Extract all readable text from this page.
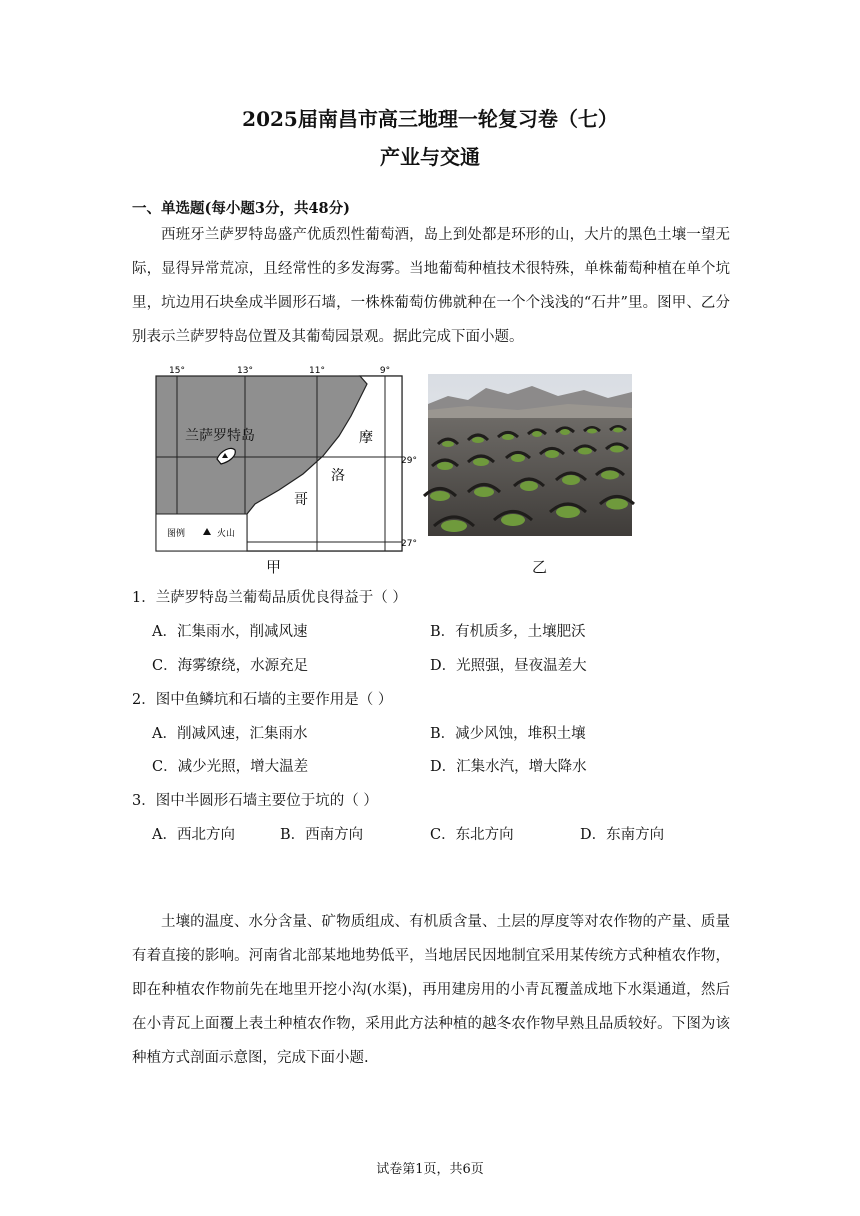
2025届南昌市高三地理一轮复习卷（七）
产业与交通
一、单选题(每小题3分，共48分)
西班牙兰萨罗特岛盛产优质烈性葡萄酒，岛上到处都是环形的山，大片的黑色土壤一望无际，显得异常荒凉，且经常性的多发海雾。当地葡萄种植技术很特殊，单株葡萄种植在单个坑里，坑边用石块垒成半圆形石墙，一株株葡萄仿佛就种在一个个浅浅的“石井”里。图甲、乙分别表示兰萨罗特岛位置及其葡萄园景观。据此完成下面小题。
15°	13°	11°	9°
29°
27°
兰萨罗特岛	摩
洛
哥
图例	火山
甲	乙
1．兰萨罗特岛兰葡萄品质优良得益于（ ）
A．汇集雨水，削减风速	B．有机质多，土壤肥沃
C．海雾缭绕，水源充足	D．光照强，昼夜温差大
2．图中鱼鳞坑和石墙的主要作用是（ ）
A．削减风速，汇集雨水	B．减少风蚀，堆积土壤
C．减少光照，增大温差	D．汇集水汽，增大降水
3．图中半圆形石墙主要位于坑的（ ）
A．西北方向	B．西南方向	C．东北方向	D．东南方向
土壤的温度、水分含量、矿物质组成、有机质含量、土层的厚度等对农作物的产量、质量有着直接的影响。河南省北部某地地势低平，当地居民因地制宜采用某传统方式种植农作物，即在种植农作物前先在地里开挖小沟(水渠)，再用建房用的小青瓦覆盖成地下水渠通道，然后在小青瓦上面覆上表土种植农作物，采用此方法种植的越冬农作物早熟且品质较好。下图为该种植方式剖面示意图，完成下面小题.
试卷第1页，共6页
